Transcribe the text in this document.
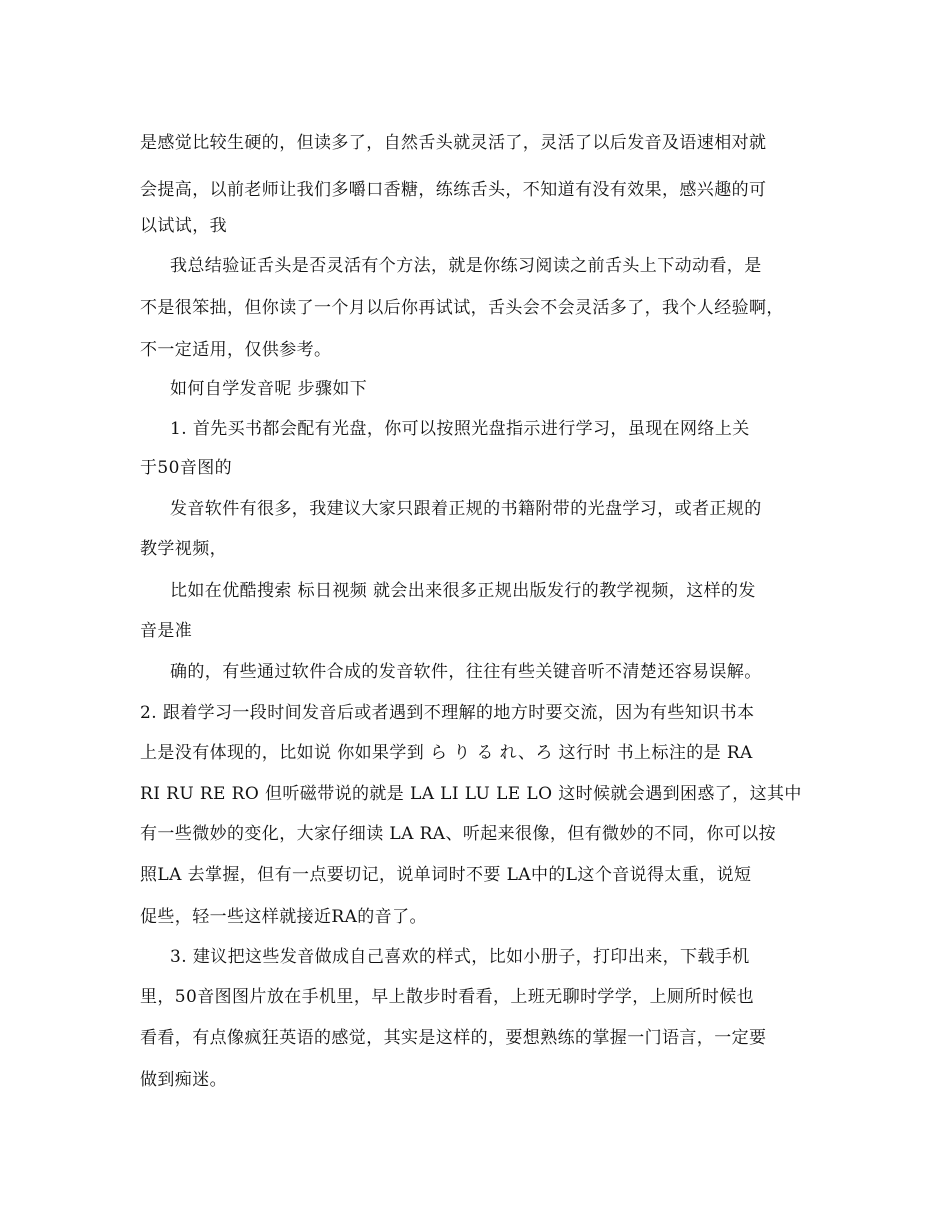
是感觉比较生硬的，但读多了，自然舌头就灵活了，灵活了以后发音及语速相对就
会提高，以前老师让我们多嚼口香糖，练练舌头，不知道有没有效果，感兴趣的可
以试试，我
我总结验证舌头是否灵活有个方法，就是你练习阅读之前舌头上下动动看，是
不是很笨拙，但你读了一个月以后你再试试，舌头会不会灵活多了，我个人经验啊，
不一定适用，仅供参考。
如何自学发音呢 步骤如下
1. 首先买书都会配有光盘，你可以按照光盘指示进行学习，虽现在网络上关
于50音图的
发音软件有很多，我建议大家只跟着正规的书籍附带的光盘学习，或者正规的
教学视频，
比如在优酷搜索 标日视频 就会出来很多正规出版发行的教学视频，这样的发
音是准
确的，有些通过软件合成的发音软件，往往有些关键音听不清楚还容易误解。
2. 跟着学习一段时间发音后或者遇到不理解的地方时要交流，因为有些知识书本
上是没有体现的，比如说 你如果学到 ら り る れ、ろ 这行时 书上标注的是 RA
RI RU RE RO 但听磁带说的就是 LA LI LU LE LO 这时候就会遇到困惑了，这其中
有一些微妙的变化，大家仔细读 LA RA、听起来很像，但有微妙的不同，你可以按
照LA 去掌握，但有一点要切记，说单词时不要 LA中的L这个音说得太重，说短
促些，轻一些这样就接近RA的音了。
3. 建议把这些发音做成自己喜欢的样式，比如小册子，打印出来，下载手机
里，50音图图片放在手机里，早上散步时看看，上班无聊时学学，上厕所时候也
看看，有点像疯狂英语的感觉，其实是这样的，要想熟练的掌握一门语言，一定要
做到痴迷。
